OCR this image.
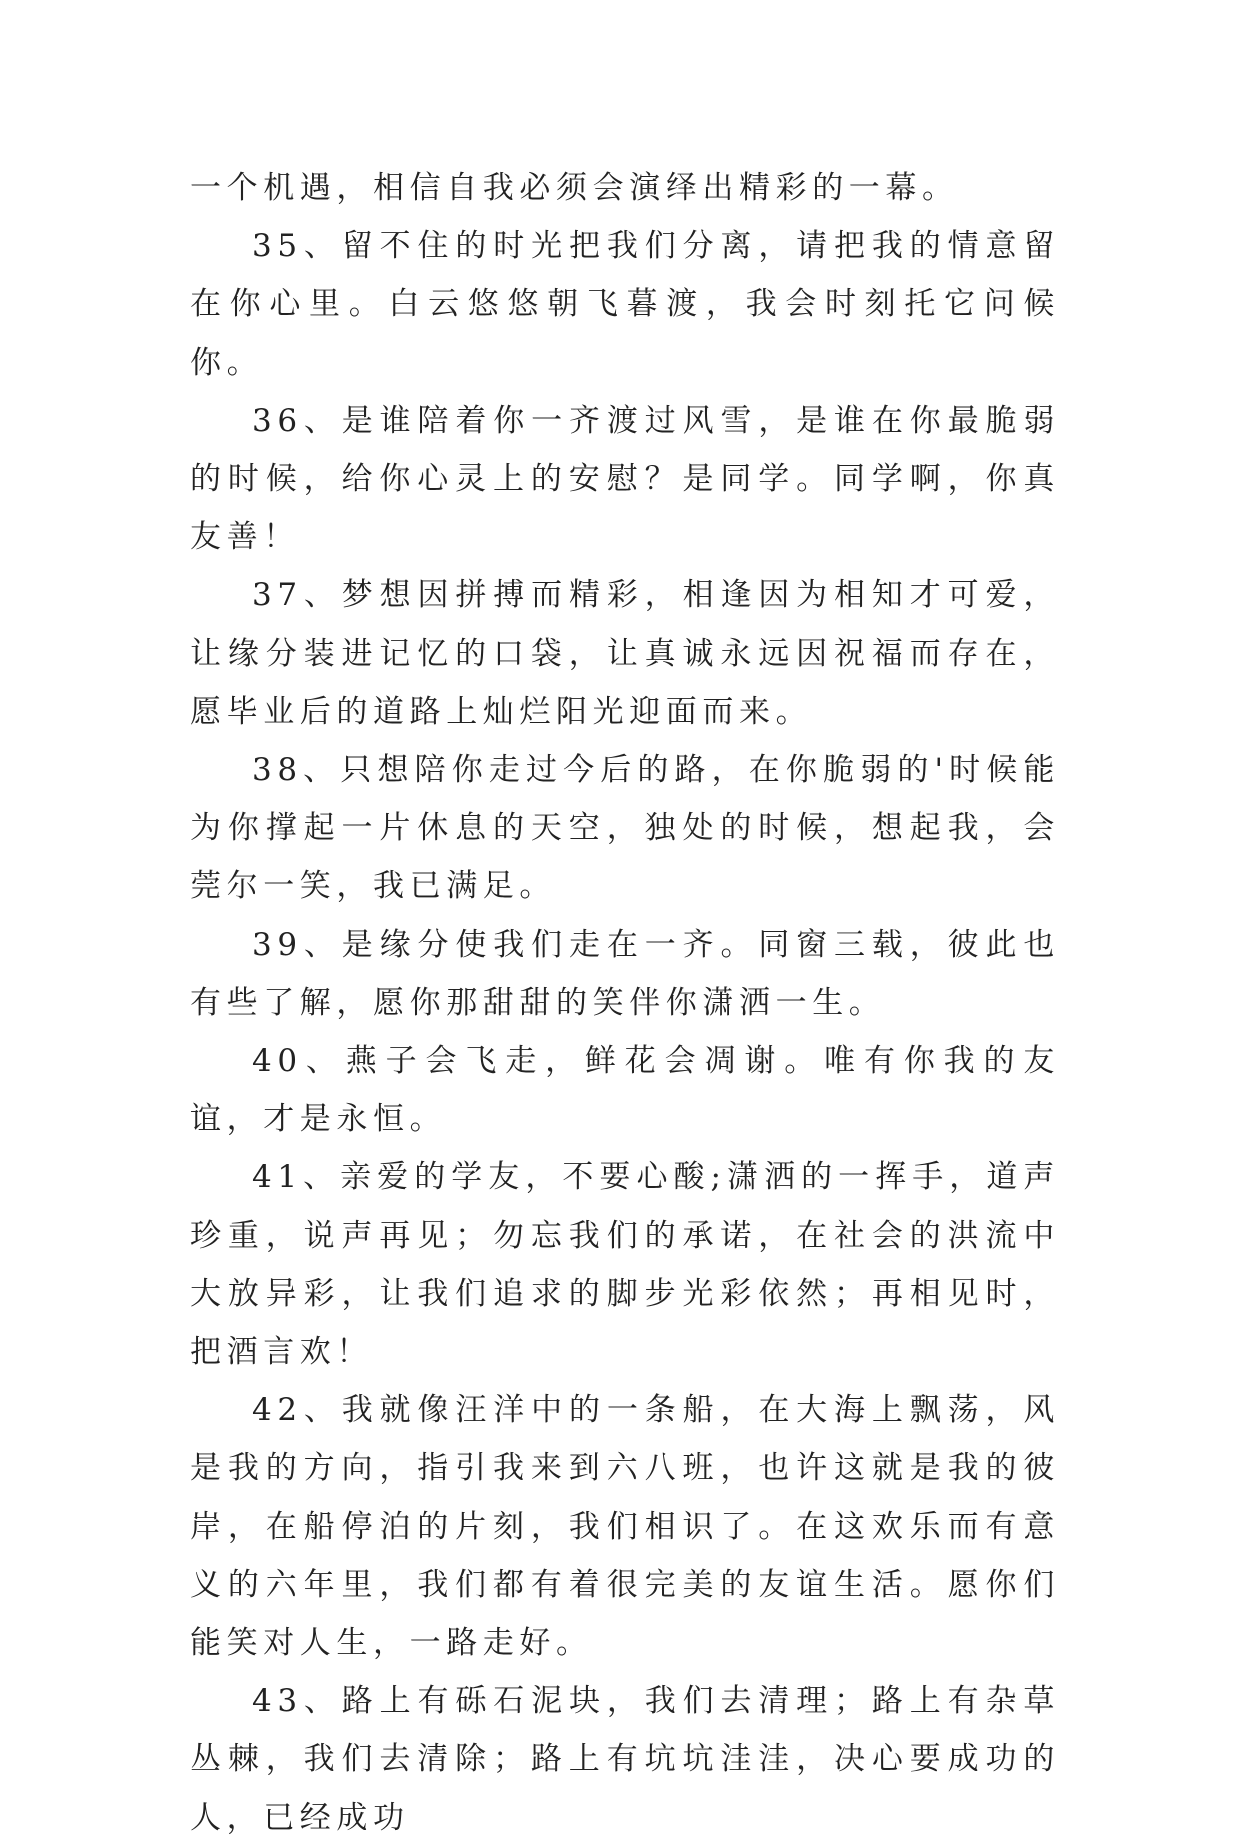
一个机遇，相信自我必须会演绎出精彩的一幕。

35、留不住的时光把我们分离，请把我的情意留在你心里。白云悠悠朝飞暮渡，我会时刻托它问候你。

36、是谁陪着你一齐渡过风雪，是谁在你最脆弱的时候，给你心灵上的安慰？是同学。同学啊，你真友善！

37、梦想因拼搏而精彩，相逢因为相知才可爱，让缘分装进记忆的口袋，让真诚永远因祝福而存在，愿毕业后的道路上灿烂阳光迎面而来。

38、只想陪你走过今后的路，在你脆弱的'时候能为你撑起一片休息的天空，独处的时候，想起我，会莞尔一笑，我已满足。

39、是缘分使我们走在一齐。同窗三载，彼此也有些了解，愿你那甜甜的笑伴你潇洒一生。

40、燕子会飞走，鲜花会凋谢。唯有你我的友谊，才是永恒。

41、亲爱的学友，不要心酸;潇洒的一挥手，道声珍重，说声再见；勿忘我们的承诺，在社会的洪流中大放异彩，让我们追求的脚步光彩依然；再相见时，把酒言欢！

42、我就像汪洋中的一条船，在大海上飘荡，风是我的方向，指引我来到六八班，也许这就是我的彼岸，在船停泊的片刻，我们相识了。在这欢乐而有意义的六年里，我们都有着很完美的友谊生活。愿你们能笑对人生，一路走好。

43、路上有砾石泥块，我们去清理；路上有杂草丛棘，我们去清除；路上有坑坑洼洼，决心要成功的人，已经成功
